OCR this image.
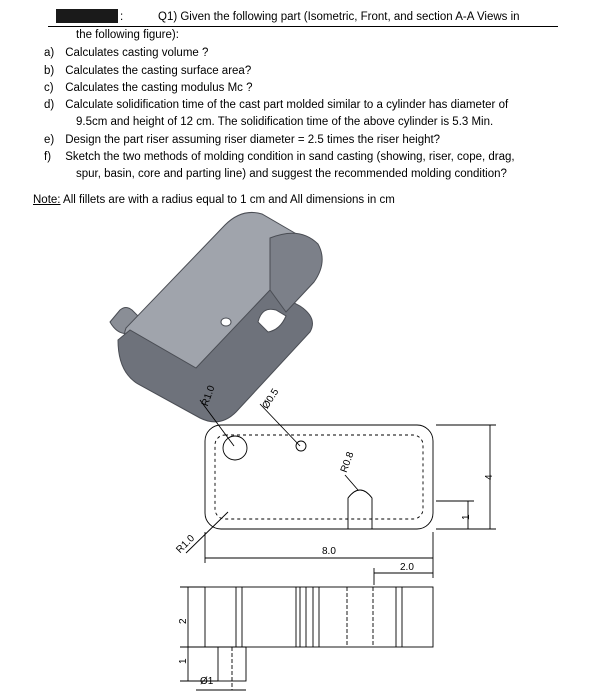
:	Q1) Given the following part (Isometric, Front, and section A-A Views in
the following figure):
a) Calculates casting volume ?
b) Calculates the casting surface area?
c) Calculates the casting modulus Mc ?
d) Calculate solidification time of the cast part molded similar to a cylinder has diameter of
9.5cm and height of 12 cm. The solidification time of the above cylinder is 5.3 Min.
e) Design the part riser assuming riser diameter = 2.5 times the riser height?
f) Sketch the two methods of molding condition in sand casting (showing, riser, cope, drag,
spur, basin, core and parting line) and suggest the recommended molding condition?
Note: All fillets are with a radius equal to 1 cm and All dimensions in cm
R1.0	Ø0.5
R0.8
R1.0
4
1
8.0
2.0
2
1
Ø1
